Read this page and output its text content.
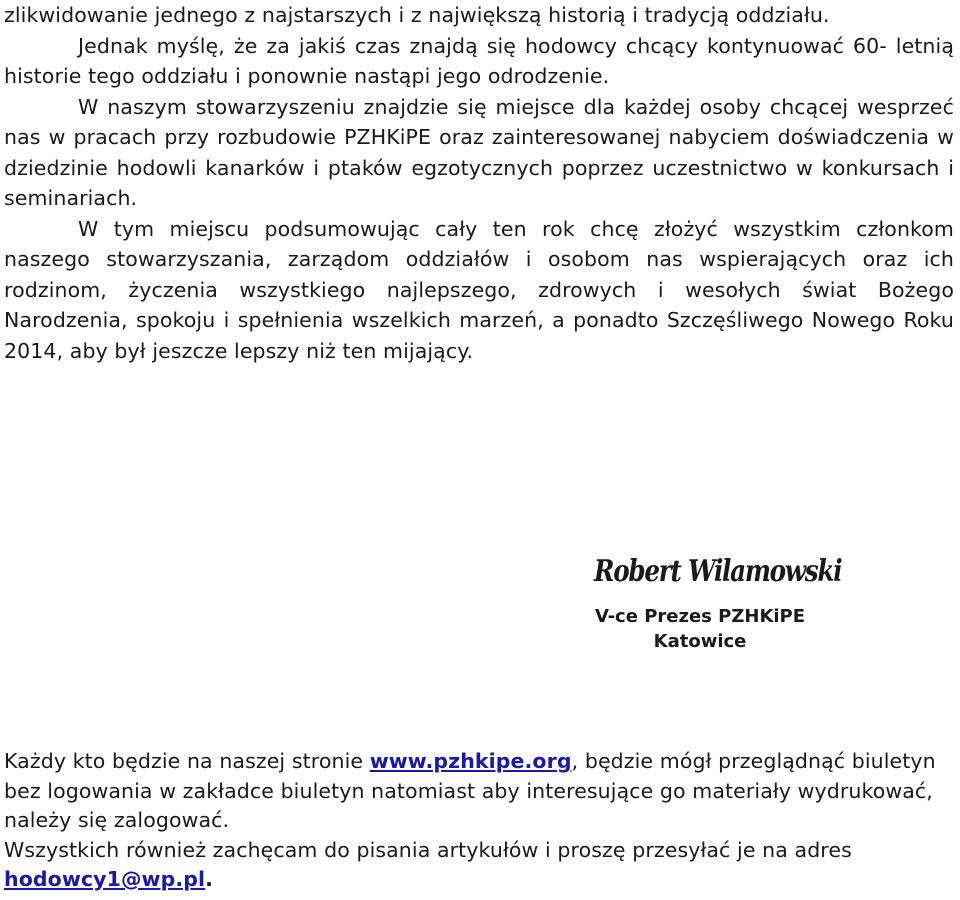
zlikwidowanie jednego z najstarszych i z największą historią i tradycją oddziału.

Jednak myślę, że za jakiś czas znajdą się hodowcy chcący kontynuować 60- letnią historie tego oddziału i ponownie nastąpi jego odrodzenie.

W naszym stowarzyszeniu znajdzie się miejsce dla każdej osoby chcącej wesprzeć nas w pracach przy rozbudowie PZHKiPE oraz zainteresowanej nabyciem doświadczenia w dziedzinie hodowli kanarków i ptaków egzotycznych poprzez uczestnictwo w konkursach i seminariach.

W tym miejscu podsumowując cały ten rok chcę złożyć wszystkim członkom naszego stowarzyszania, zarządom oddziałów i osobom nas wspierających oraz ich rodzinom, życzenia wszystkiego najlepszego, zdrowych i wesołych świat Bożego Narodzenia, spokoju i spełnienia wszelkich marzeń, a ponadto Szczęśliwego Nowego Roku 2014, aby był jeszcze lepszy niż ten mijający.

Robert Wilamowski
V-ce Prezes PZHKiPE
Katowice

Każdy kto będzie na naszej stronie www.pzhkipe.org, będzie mógł przeglądnąć biuletyn bez logowania w zakładce biuletyn natomiast aby interesujące go materiały wydrukować, należy się zalogować.

Wszystkich również zachęcam do pisania artykułów i proszę przesyłać je na adres hodowcy1@wp.pl.
